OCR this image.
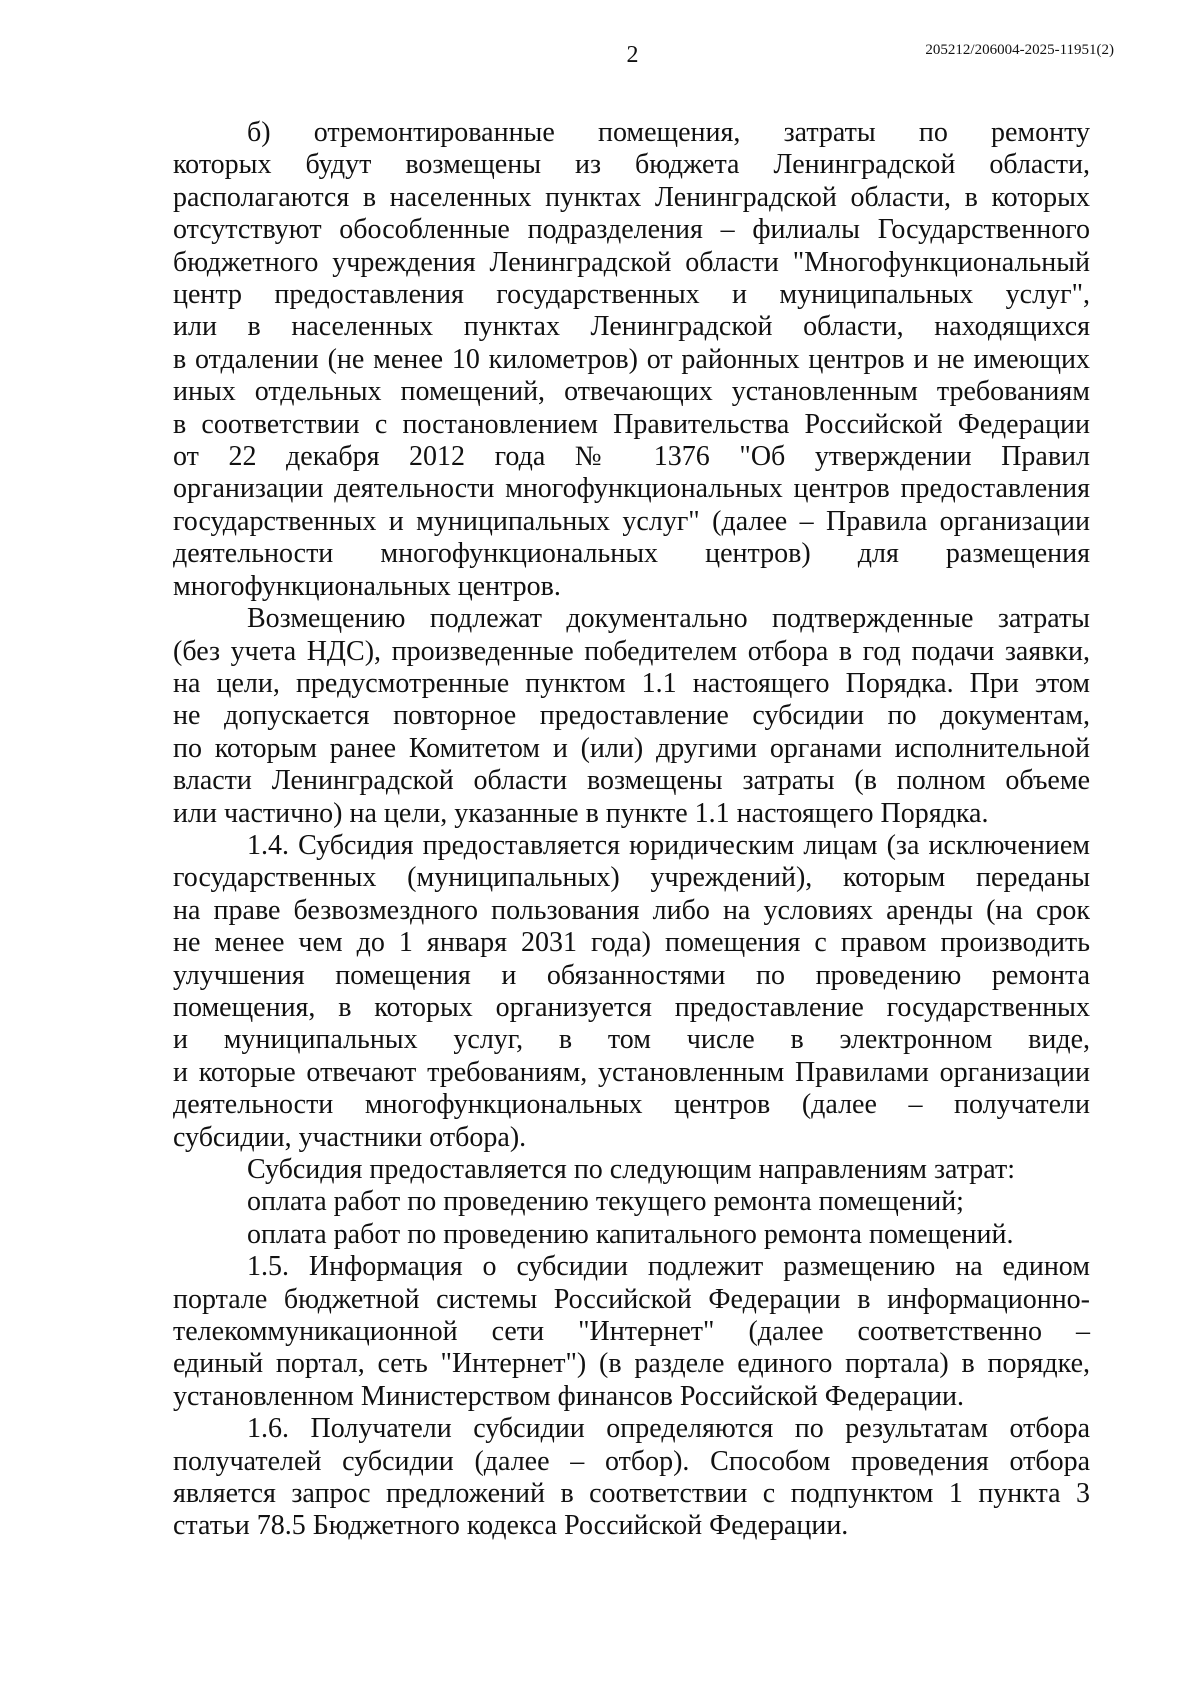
2	205212/206004-2025-11951(2)
б) отремонтированные помещения, затраты по ремонту
которых будут возмещены из бюджета Ленинградской области,
располагаются в населенных пунктах Ленинградской области, в которых
отсутствуют обособленные подразделения – филиалы Государственного
бюджетного учреждения Ленинградской области "Многофункциональный
центр предоставления государственных и муниципальных услуг",
или в населенных пунктах Ленинградской области, находящихся
в отдалении (не менее 10 километров) от районных центров и не имеющих
иных отдельных помещений, отвечающих установленным требованиям
в соответствии с постановлением Правительства Российской Федерации
от 22 декабря 2012 года № 1376 "Об утверждении Правил
организации деятельности многофункциональных центров предоставления
государственных и муниципальных услуг" (далее – Правила организации
деятельности многофункциональных центров) для размещения
многофункциональных центров.
Возмещению подлежат документально подтвержденные затраты
(без учета НДС), произведенные победителем отбора в год подачи заявки,
на цели, предусмотренные пунктом 1.1 настоящего Порядка. При этом
не допускается повторное предоставление субсидии по документам,
по которым ранее Комитетом и (или) другими органами исполнительной
власти Ленинградской области возмещены затраты (в полном объеме
или частично) на цели, указанные в пункте 1.1 настоящего Порядка.
1.4. Субсидия предоставляется юридическим лицам (за исключением
государственных (муниципальных) учреждений), которым переданы
на праве безвозмездного пользования либо на условиях аренды (на срок
не менее чем до 1 января 2031 года) помещения с правом производить
улучшения помещения и обязанностями по проведению ремонта
помещения, в которых организуется предоставление государственных
и муниципальных услуг, в том числе в электронном виде,
и которые отвечают требованиям, установленным Правилами организации
деятельности многофункциональных центров (далее – получатели
субсидии, участники отбора).
Субсидия предоставляется по следующим направлениям затрат:
оплата работ по проведению текущего ремонта помещений;
оплата работ по проведению капитального ремонта помещений.
1.5. Информация о субсидии подлежит размещению на едином
портале бюджетной системы Российской Федерации в информационно-
телекоммуникационной сети "Интернет" (далее соответственно –
единый портал, сеть "Интернет") (в разделе единого портала) в порядке,
установленном Министерством финансов Российской Федерации.
1.6. Получатели субсидии определяются по результатам отбора
получателей субсидии (далее – отбор). Способом проведения отбора
является запрос предложений в соответствии с подпунктом 1 пункта 3
статьи 78.5 Бюджетного кодекса Российской Федерации.
